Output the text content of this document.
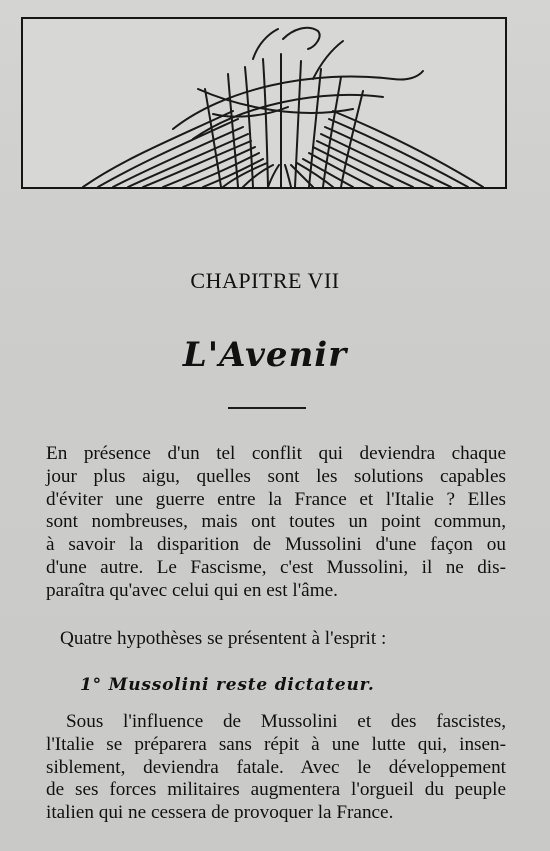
CHAPITRE VII
L'Avenir
En présence d'un tel conflit qui deviendra chaque
jour plus aigu, quelles sont les solutions capables
d'éviter une guerre entre la France et l'Italie ? Elles
sont nombreuses, mais ont toutes un point commun,
à savoir la disparition de Mussolini d'une façon ou
d'une autre. Le Fascisme, c'est Mussolini, il ne dis-
paraîtra qu'avec celui qui en est l'âme.
Quatre hypothèses se présentent à l'esprit :
1° Mussolini reste dictateur.
Sous l'influence de Mussolini et des fascistes,
l'Italie se préparera sans répit à une lutte qui, insen-
siblement, deviendra fatale. Avec le développement
de ses forces militaires augmentera l'orgueil du peuple
italien qui ne cessera de provoquer la France.
